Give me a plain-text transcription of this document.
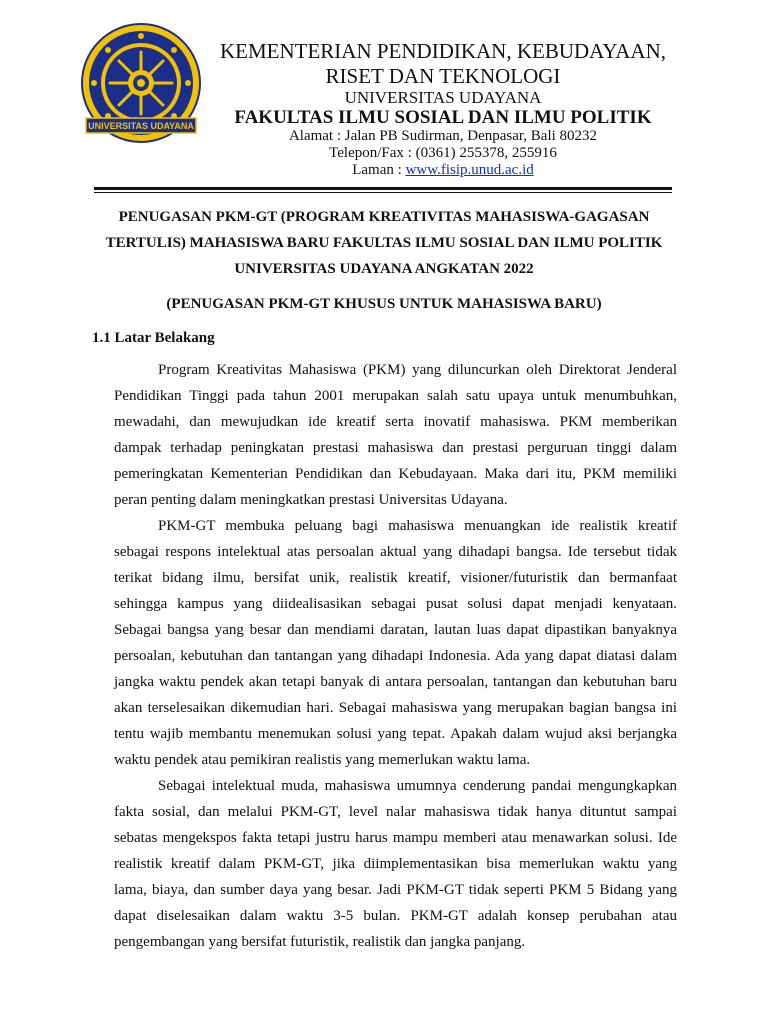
UNIVERSITAS UDAYANA
KEMENTERIAN PENDIDIKAN, KEBUDAYAAN,
RISET DAN TEKNOLOGI
UNIVERSITAS UDAYANA
FAKULTAS ILMU SOSIAL DAN ILMU POLITIK
Alamat : Jalan PB Sudirman, Denpasar, Bali 80232
Telepon/Fax : (0361) 255378, 255916
Laman : www.fisip.unud.ac.id
PENUGASAN PKM-GT (PROGRAM KREATIVITAS MAHASISWA-GAGASAN
TERTULIS) MAHASISWA BARU FAKULTAS ILMU SOSIAL DAN ILMU POLITIK
UNIVERSITAS UDAYANA ANGKATAN 2022
(PENUGASAN PKM-GT KHUSUS UNTUK MAHASISWA BARU)
1.1 Latar Belakang
Program Kreativitas Mahasiswa (PKM) yang diluncurkan oleh Direktorat Jenderal
Pendidikan Tinggi pada tahun 2001 merupakan salah satu upaya untuk menumbuhkan,
mewadahi, dan mewujudkan ide kreatif serta inovatif mahasiswa. PKM memberikan
dampak terhadap peningkatan prestasi mahasiswa dan prestasi perguruan tinggi dalam
pemeringkatan Kementerian Pendidikan dan Kebudayaan. Maka dari itu, PKM memiliki
peran penting dalam meningkatkan prestasi Universitas Udayana.
PKM-GT membuka peluang bagi mahasiswa menuangkan ide realistik kreatif
sebagai respons intelektual atas persoalan aktual yang dihadapi bangsa. Ide tersebut tidak
terikat bidang ilmu, bersifat unik, realistik kreatif, visioner/futuristik dan bermanfaat
sehingga kampus yang diidealisasikan sebagai pusat solusi dapat menjadi kenyataan.
Sebagai bangsa yang besar dan mendiami daratan, lautan luas dapat dipastikan banyaknya
persoalan, kebutuhan dan tantangan yang dihadapi Indonesia. Ada yang dapat diatasi dalam
jangka waktu pendek akan tetapi banyak di antara persoalan, tantangan dan kebutuhan baru
akan terselesaikan dikemudian hari. Sebagai mahasiswa yang merupakan bagian bangsa ini
tentu wajib membantu menemukan solusi yang tepat. Apakah dalam wujud aksi berjangka
waktu pendek atau pemikiran realistis yang memerlukan waktu lama.
Sebagai intelektual muda, mahasiswa umumnya cenderung pandai mengungkapkan
fakta sosial, dan melalui PKM-GT, level nalar mahasiswa tidak hanya dituntut sampai
sebatas mengekspos fakta tetapi justru harus mampu memberi atau menawarkan solusi. Ide
realistik kreatif dalam PKM-GT, jika diimplementasikan bisa memerlukan waktu yang
lama, biaya, dan sumber daya yang besar. Jadi PKM-GT tidak seperti PKM 5 Bidang yang
dapat diselesaikan dalam waktu 3-5 bulan. PKM-GT adalah konsep perubahan atau
pengembangan yang bersifat futuristik, realistik dan jangka panjang.
